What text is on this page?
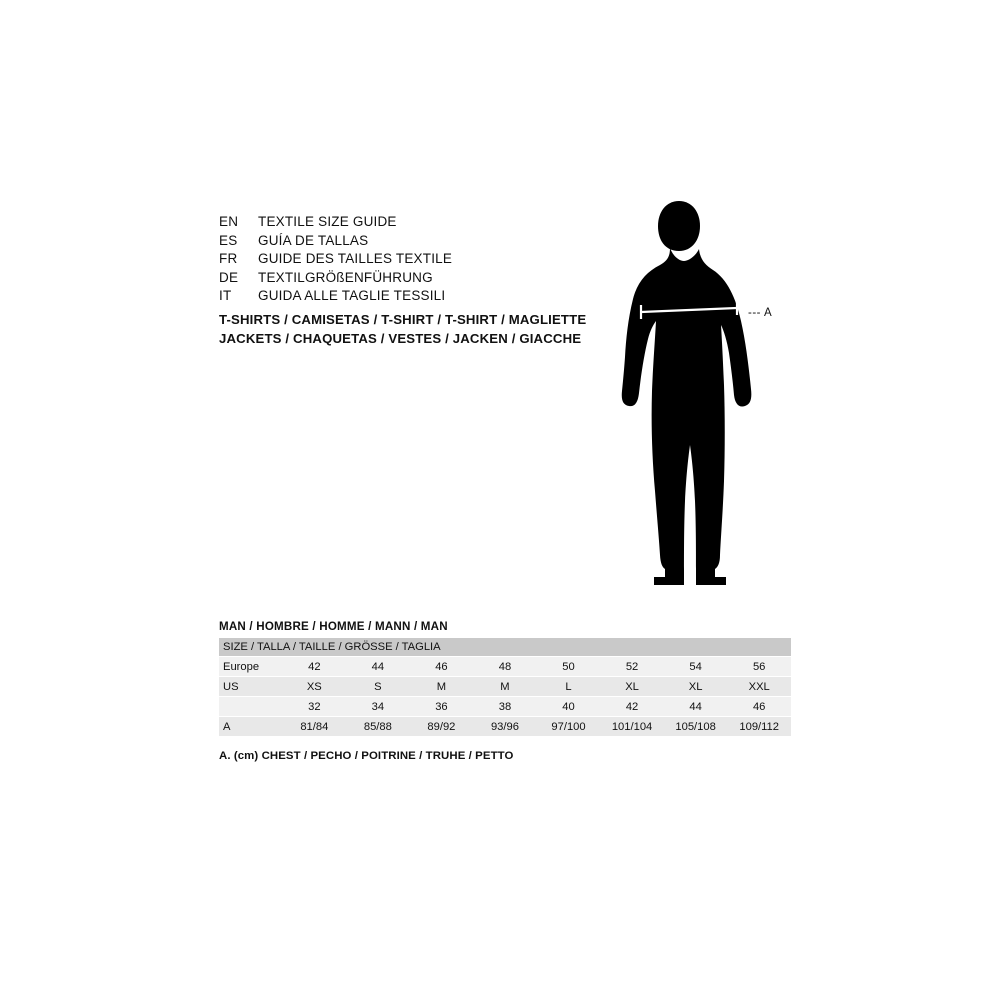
EN	TEXTILE SIZE GUIDE
ES	GUÍA DE TALLAS
FR	GUIDE DES TAILLES TEXTILE
DE	TEXTILGRÖßENFÜHRUNG
IT	GUIDA ALLE TAGLIE TESSILI
T-SHIRTS / CAMISETAS / T-SHIRT / T-SHIRT / MAGLIETTE
JACKETS / CHAQUETAS / VESTES / JACKEN / GIACCHE
--- A
MAN / HOMBRE / HOMME / MANN / MAN
SIZE / TALLA / TAILLE / GRÖSSE / TAGLIA								
Europe	42	44	46	48	50	52	54	56
US	XS	S	M	M	L	XL	XL	XXL
	32	34	36	38	40	42	44	46
A	81/84	85/88	89/92	93/96	97/100	101/104	105/108	109/112
A. (cm) CHEST / PECHO / POITRINE / TRUHE / PETTO
